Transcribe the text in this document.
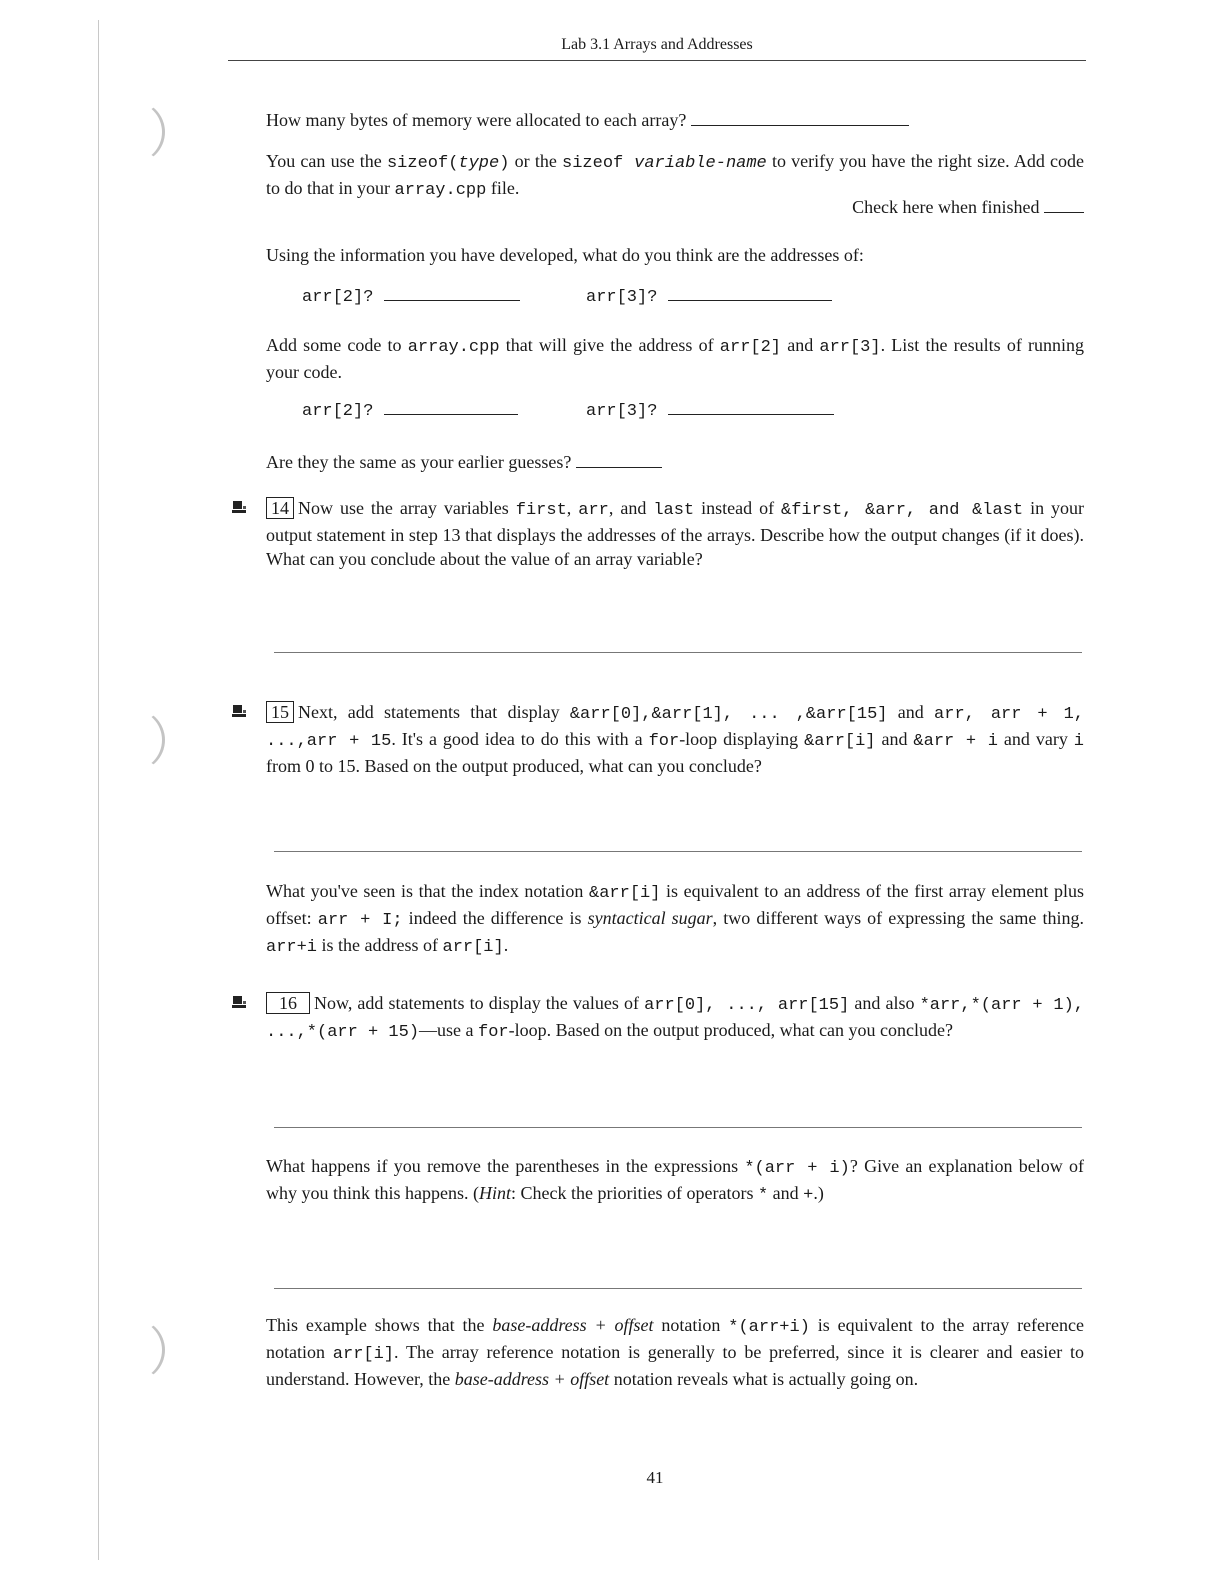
Lab 3.1 Arrays and Addresses

How many bytes of memory were allocated to each array?

You can use the sizeof(type) or the sizeof variable-name to verify you have the right size. Add code to do that in your array.cpp file.

Check here when finished

Using the information you have developed, what do you think are the addresses of:

arr[2]?	arr[3]?

Add some code to array.cpp that will give the address of arr[2] and arr[3]. List the results of running your code.

arr[2]?	arr[3]?

Are they the same as your earlier guesses?

14 Now use the array variables first, arr, and last instead of &first, &arr, and &last in your output statement in step 13 that displays the addresses of the arrays. Describe how the output changes (if it does). What can you conclude about the value of an array variable?

15 Next, add statements that display &arr[0],&arr[1], ... ,&arr[15] and arr, arr + 1, ...,arr + 15. It's a good idea to do this with a for-loop displaying &arr[i] and &arr + i and vary i from 0 to 15. Based on the output produced, what can you conclude?

What you've seen is that the index notation &arr[i] is equivalent to an address of the first array element plus offset: arr + I; indeed the difference is syntactical sugar, two different ways of expressing the same thing. arr+i is the address of arr[i].

16 Now, add statements to display the values of arr[0], ..., arr[15] and also *arr,*(arr + 1), ...,*(arr + 15)—use a for-loop. Based on the output produced, what can you conclude?

What happens if you remove the parentheses in the expressions *(arr + i)? Give an explanation below of why you think this happens. (Hint: Check the priorities of operators * and +.)

This example shows that the base-address + offset notation *(arr+i) is equivalent to the array reference notation arr[i]. The array reference notation is generally to be preferred, since it is clearer and easier to understand. However, the base-address + offset notation reveals what is actually going on.

41
